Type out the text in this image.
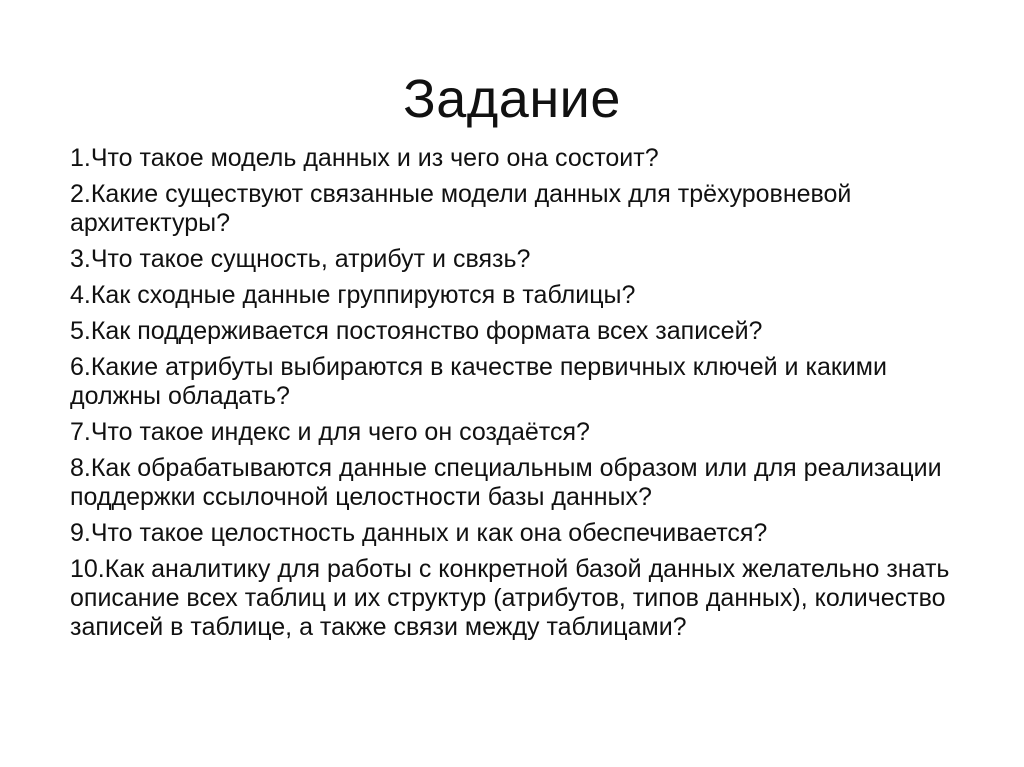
Задание
1.Что такое модель данных и из чего она состоит?
2.Какие существуют связанные модели данных для трёхуровневой архитектуры?
3.Что такое сущность, атрибут и связь?
4.Как сходные данные группируются в таблицы?
5.Как поддерживается постоянство формата всех записей?
6.Какие атрибуты выбираются в качестве первичных ключей и какими должны обладать?
7.Что такое индекс и для чего он создаётся?
8.Как обрабатываются данные специальным образом или для реализации поддержки ссылочной целостности базы данных?
9.Что такое целостность данных и как она обеспечивается?
10.Как аналитику для работы с конкретной базой данных желательно знать описание всех таблиц и их структур (атрибутов, типов данных), количество записей в таблице, а также связи между таблицами?
